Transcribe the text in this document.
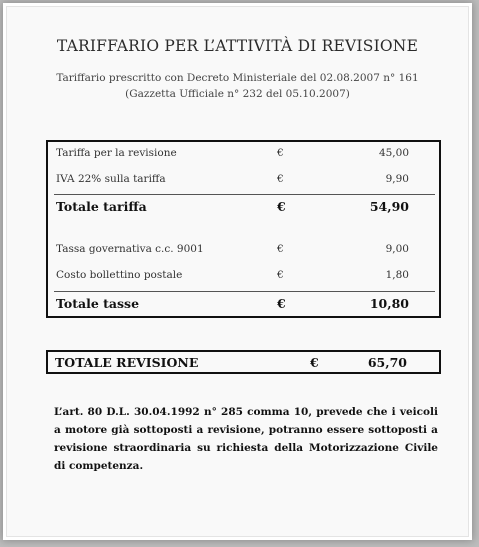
TARIFFARIO PER L’ATTIVITÀ DI REVISIONE
Tariffario prescritto con Decreto Ministeriale del 02.08.2007 n° 161
(Gazzetta Ufficiale n° 232 del 05.10.2007)
Tariffa per la revisione	€	45,00
IVA 22% sulla tariffa	€	9,90
Totale tariffa	€	54,90
Tassa governativa c.c. 9001	€	9,00
Costo bollettino postale	€	1,80
Totale tasse	€	10,80
TOTALE REVISIONE	€	65,70
L’art. 80 D.L. 30.04.1992 n° 285 comma 10, prevede che i veicoli a motore già sottoposti a revisione, potranno essere sottoposti a revisione straordinaria su richiesta della Motorizzazione Civile di competenza.
